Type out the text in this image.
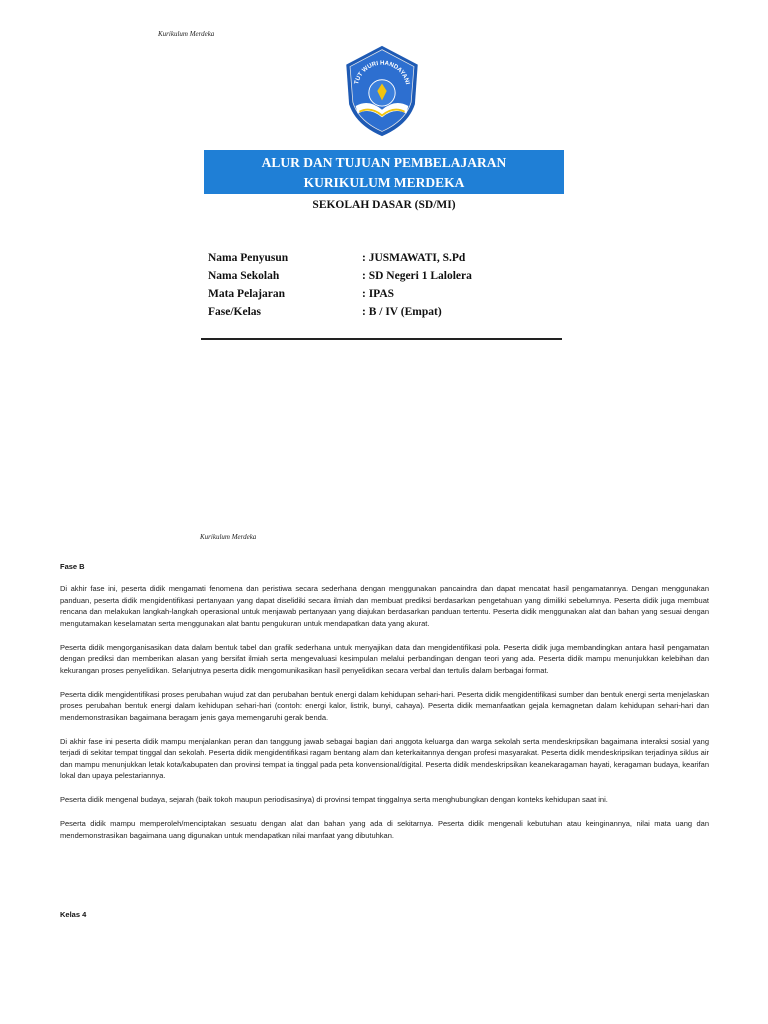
Kurikulum Merdeka
TUT WURI HANDAYANI
ALUR DAN TUJUAN PEMBELAJARAN
KURIKULUM MERDEKA
SEKOLAH DASAR (SD/MI)
Nama Penyusun	: JUSMAWATI, S.Pd
Nama Sekolah	: SD Negeri 1 Lalolera
Mata Pelajaran	: IPAS
Fase/Kelas	: B / IV (Empat)
Kurikulum Merdeka
Fase B

Di akhir fase ini, peserta didik mengamati fenomena dan peristiwa secara sederhana dengan menggunakan pancaindra dan dapat mencatat hasil pengamatannya. Dengan menggunakan panduan, peserta didik mengidentifikasi pertanyaan yang dapat diselidiki secara ilmiah dan membuat prediksi berdasarkan pengetahuan yang dimiliki sebelumnya. Peserta didik juga membuat rencana dan melakukan langkah-langkah operasional untuk menjawab pertanyaan yang diajukan berdasarkan panduan tertentu. Peserta didik menggunakan alat dan bahan yang sesuai dengan mengutamakan keselamatan serta menggunakan alat bantu pengukuran untuk mendapatkan data yang akurat.

Peserta didik mengorganisasikan data dalam bentuk tabel dan grafik sederhana untuk menyajikan data dan mengidentifikasi pola. Peserta didik juga membandingkan antara hasil pengamatan dengan prediksi dan memberikan alasan yang bersifat ilmiah serta mengevaluasi kesimpulan melalui perbandingan dengan teori yang ada. Peserta didik mampu menunjukkan kelebihan dan kekurangan proses penyelidikan. Selanjutnya peserta didik mengomunikasikan hasil penyelidikan secara verbal dan tertulis dalam berbagai format.

Peserta didik mengidentifikasi proses perubahan wujud zat dan perubahan bentuk energi dalam kehidupan sehari-hari. Peserta didik mengidentifikasi sumber dan bentuk energi serta menjelaskan proses perubahan bentuk energi dalam kehidupan sehari-hari (contoh: energi kalor, listrik, bunyi, cahaya). Peserta didik memanfaatkan gejala kemagnetan dalam kehidupan sehari-hari dan mendemonstrasikan bagaimana beragam jenis gaya memengaruhi gerak benda.

Di akhir fase ini peserta didik mampu menjalankan peran dan tanggung jawab sebagai bagian dari anggota keluarga dan warga sekolah serta mendeskripsikan bagaimana interaksi sosial yang terjadi di sekitar tempat tinggal dan sekolah. Peserta didik mengidentifikasi ragam bentang alam dan keterkaitannya dengan profesi masyarakat. Peserta didik mendeskripsikan terjadinya siklus air dan mampu menunjukkan letak kota/kabupaten dan provinsi tempat ia tinggal pada peta konvensional/digital. Peserta didik mendeskripsikan keanekaragaman hayati, keragaman budaya, kearifan lokal dan upaya pelestariannya.

Peserta didik mengenal budaya, sejarah (baik tokoh maupun periodisasinya) di provinsi tempat tinggalnya serta menghubungkan dengan konteks kehidupan saat ini.

Peserta didik mampu memperoleh/menciptakan sesuatu dengan alat dan bahan yang ada di sekitarnya. Peserta didik mengenali kebutuhan atau keinginannya, nilai mata uang dan mendemonstrasikan bagaimana uang digunakan untuk mendapatkan nilai manfaat yang dibutuhkan.

Kelas 4
